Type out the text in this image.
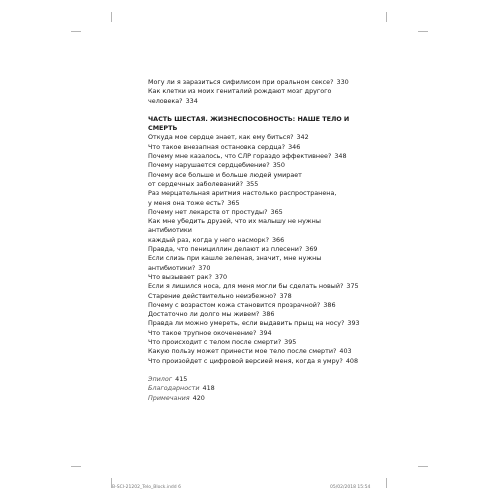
Могу ли я заразиться сифилисом при оральном сексе? 330

Как клетки из моих гениталий рождают мозг другого
человека? 334

ЧАСТЬ ШЕСТАЯ. ЖИЗНЕСПОСОБНОСТЬ: НАШЕ ТЕЛО И СМЕРТЬ

Откуда мое сердце знает, как ему биться? 342

Что такое внезапная остановка сердца? 346

Почему мне казалось, что СЛР гораздо эффективнее? 348

Почему нарушается сердцебиение? 350

Почему все больше и больше людей умирает
от сердечных заболеваний? 355

Раз мерцательная аритмия настолько распространена,
у меня она тоже есть? 365

Почему нет лекарств от простуды? 365

Как мне убедить друзей, что их малышу не нужны антибиотики
каждый раз, когда у него насморк? 366

Правда, что пенициллин делают из плесени? 369

Если слизь при кашле зеленая, значит, мне нужны
антибиотики? 370

Что вызывает рак? 370

Если я лишился носа, для меня могли бы сделать новый? 375

Старение действительно неизбежно? 378

Почему с возрастом кожа становится прозрачной? 386

Достаточно ли долго мы живем? 386

Правда ли можно умереть, если выдавить прыщ на носу? 393

Что такое трупное окоченение? 394

Что происходит с телом после смерти? 395

Какую пользу может принести мое тело после смерти? 403

Что произойдет с цифровой версией меня, когда я умру? 408

Эпилог 415

Благодарности 418

Примечания 420

B-SCI-21202_Telo_Block.indd 6	05/02/2018 15:54
